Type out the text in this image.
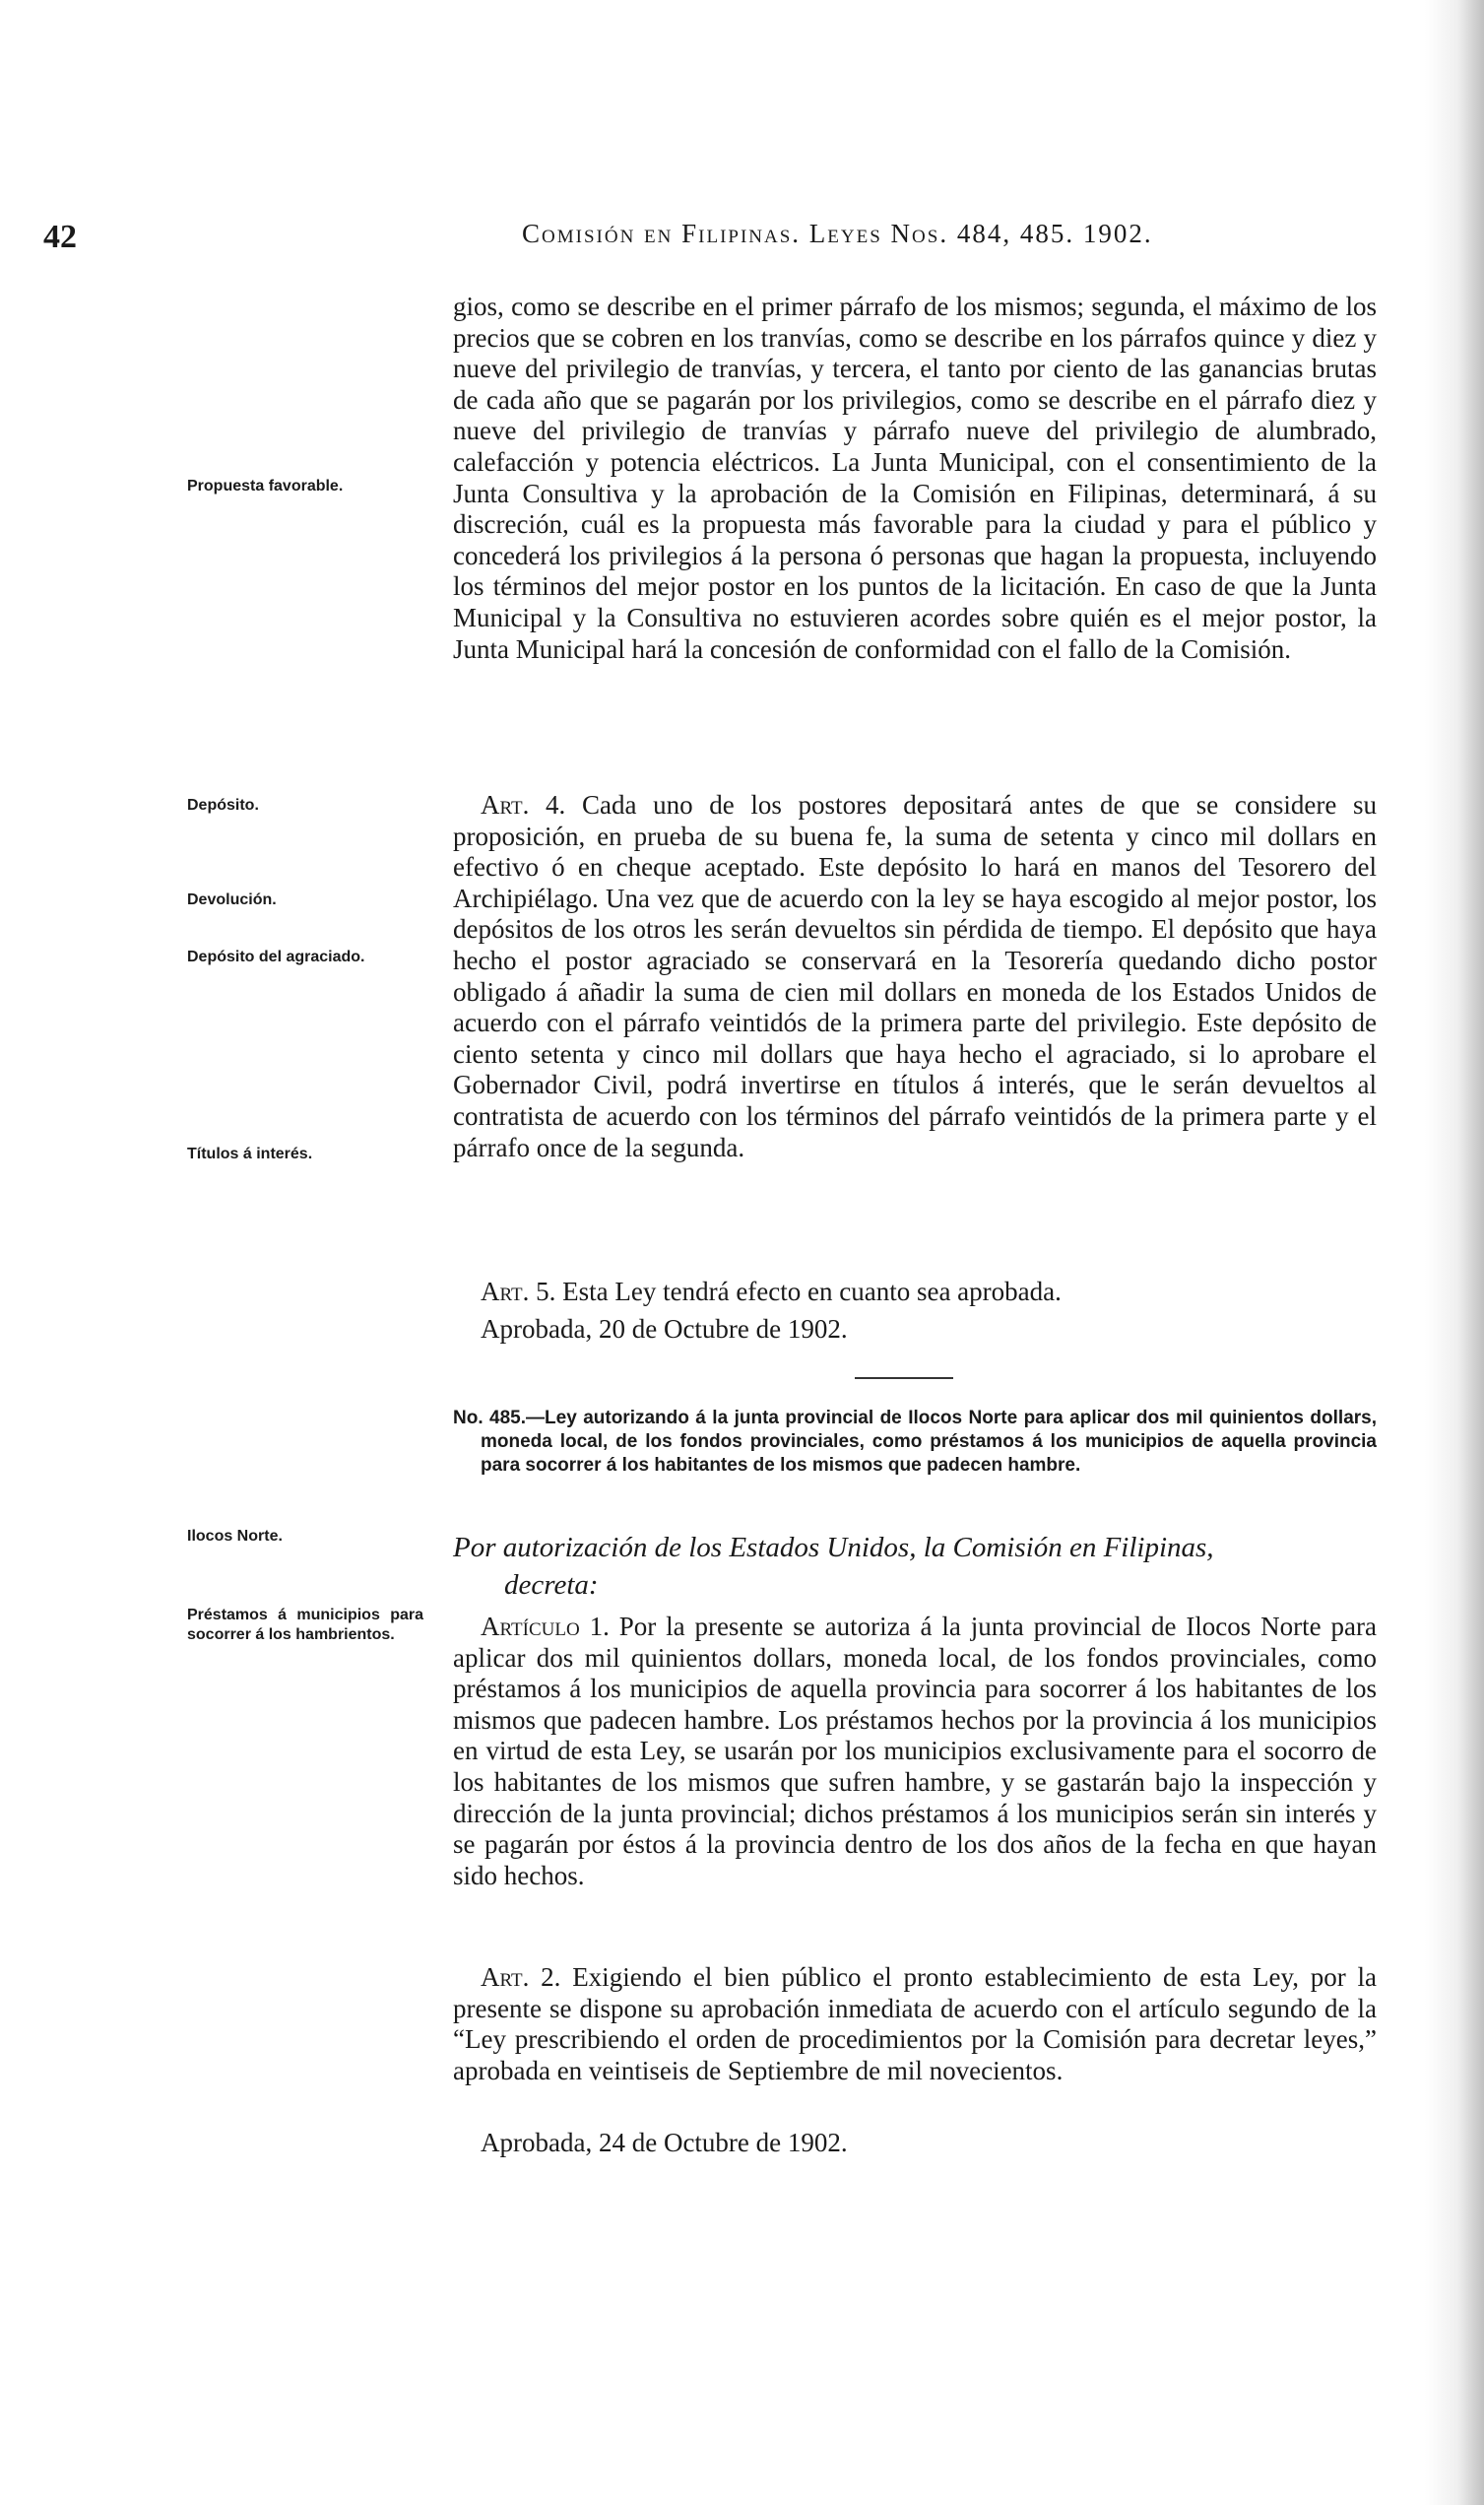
42	Comisión en Filipinas. Leyes Nos. 484, 485. 1902.

gios, como se describe en el primer párrafo de los mismos; segunda, el máximo de los precios que se cobren en los tranvías, como se describe en los párrafos quince y diez y nueve del privilegio de tranvías, y tercera, el tanto por ciento de las ganancias brutas de cada año que se pagarán por los privilegios, como se describe en el párrafo diez y nueve del privilegio de tranvías y párrafo nueve del privilegio de alumbrado, calefacción y potencia eléctricos. La Junta Municipal, con el consentimiento de la Junta Consultiva y la aprobación de la Comisión en Filipinas, determinará, á su discreción, cuál es la propuesta más favorable para la ciudad y para el público y concederá los privilegios á la persona ó personas que hagan la propuesta, incluyendo los términos del mejor postor en los puntos de la licitación. En caso de que la Junta Municipal y la Consultiva no estuvieren acordes sobre quién es el mejor postor, la Junta Municipal hará la concesión de conformidad con el fallo de la Comisión.

Art. 4. Cada uno de los postores depositará antes de que se considere su proposición, en prueba de su buena fe, la suma de setenta y cinco mil dollars en efectivo ó en cheque aceptado. Este depósito lo hará en manos del Tesorero del Archipiélago. Una vez que de acuerdo con la ley se haya escogido al mejor postor, los depósitos de los otros les serán devueltos sin pérdida de tiempo. El depósito que haya hecho el postor agraciado se conservará en la Tesorería quedando dicho postor obligado á añadir la suma de cien mil dollars en moneda de los Estados Unidos de acuerdo con el párrafo veintidós de la primera parte del privilegio. Este depósito de ciento setenta y cinco mil dollars que haya hecho el agraciado, si lo aprobare el Gobernador Civil, podrá invertirse en títulos á interés, que le serán devueltos al contratista de acuerdo con los términos del párrafo veintidós de la primera parte y el párrafo once de la segunda.

Art. 5. Esta Ley tendrá efecto en cuanto sea aprobada.

Aprobada, 20 de Octubre de 1902.
No. 485.—Ley autorizando á la junta provincial de Ilocos Norte para aplicar dos mil quinientos dollars, moneda local, de los fondos provinciales, como préstamos á los municipios de aquella provincia para socorrer á los habitantes de los mismos que padecen hambre.
Por autorización de los Estados Unidos, la Comisión en Filipinas,
decreta:

Artículo 1. Por la presente se autoriza á la junta provincial de Ilocos Norte para aplicar dos mil quinientos dollars, moneda local, de los fondos provinciales, como préstamos á los municipios de aquella provincia para socorrer á los habitantes de los mismos que padecen hambre. Los préstamos hechos por la provincia á los municipios en virtud de esta Ley, se usarán por los municipios exclusivamente para el socorro de los habitantes de los mismos que sufren hambre, y se gastarán bajo la inspección y dirección de la junta provincial; dichos préstamos á los municipios serán sin interés y se pagarán por éstos á la provincia dentro de los dos años de la fecha en que hayan sido hechos.

Art. 2. Exigiendo el bien público el pronto establecimiento de esta Ley, por la presente se dispone su aprobación inmediata de acuerdo con el artículo segundo de la “Ley prescribiendo el orden de procedimientos por la Comisión para decretar leyes,” aprobada en veintiseis de Septiembre de mil novecientos.

Aprobada, 24 de Octubre de 1902.
Propuesta favorable.
Depósito.
Devolución.
Depósito del agraciado.
Títulos á interés.
Ilocos Norte.
Préstamos á municipios para socorrer á los hambrientos.
